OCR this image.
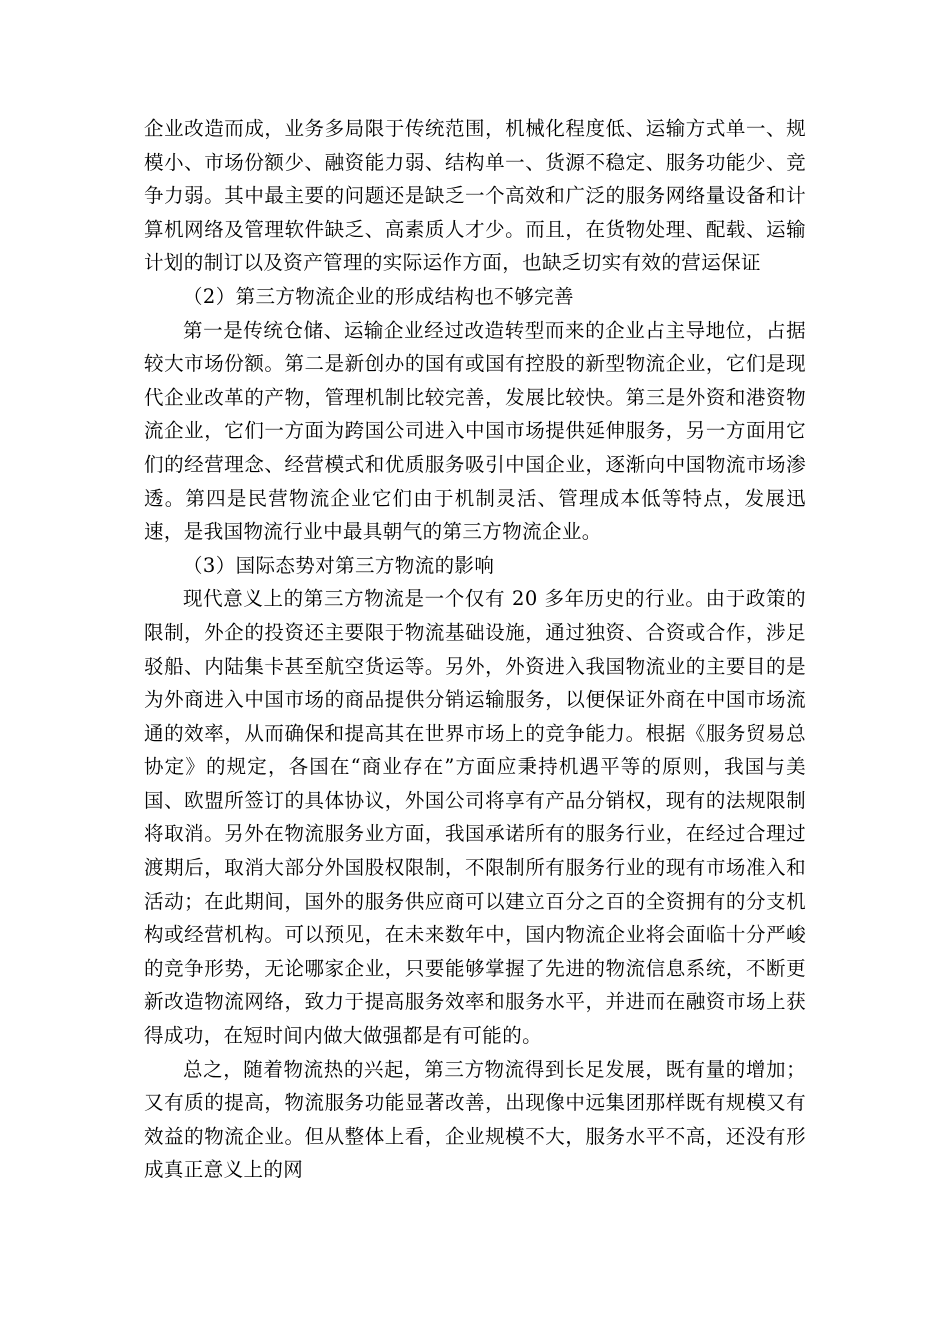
企业改造而成，业务多局限于传统范围，机械化程度低、运输方式单一、规模小、市场份额少、融资能力弱、结构单一、货源不稳定、服务功能少、竞争力弱。其中最主要的问题还是缺乏一个高效和广泛的服务网络量设备和计算机网络及管理软件缺乏、高素质人才少。而且，在货物处理、配载、运输计划的制订以及资产管理的实际运作方面，也缺乏切实有效的营运保证

（2）第三方物流企业的形成结构也不够完善

第一是传统仓储、运输企业经过改造转型而来的企业占主导地位，占据较大市场份额。第二是新创办的国有或国有控股的新型物流企业，它们是现代企业改革的产物，管理机制比较完善，发展比较快。第三是外资和港资物流企业，它们一方面为跨国公司进入中国市场提供延伸服务，另一方面用它们的经营理念、经营模式和优质服务吸引中国企业，逐渐向中国物流市场渗透。第四是民营物流企业它们由于机制灵活、管理成本低等特点，发展迅速，是我国物流行业中最具朝气的第三方物流企业。

（3）国际态势对第三方物流的影响

现代意义上的第三方物流是一个仅有 20 多年历史的行业。由于政策的限制，外企的投资还主要限于物流基础设施，通过独资、合资或合作，涉足驳船、内陆集卡甚至航空货运等。另外，外资进入我国物流业的主要目的是为外商进入中国市场的商品提供分销运输服务，以便保证外商在中国市场流通的效率，从而确保和提高其在世界市场上的竞争能力。根据《服务贸易总协定》的规定，各国在“商业存在”方面应秉持机遇平等的原则，我国与美国、欧盟所签订的具体协议，外国公司将享有产品分销权，现有的法规限制将取消。另外在物流服务业方面，我国承诺所有的服务行业，在经过合理过渡期后，取消大部分外国股权限制，不限制所有服务行业的现有市场准入和活动；在此期间，国外的服务供应商可以建立百分之百的全资拥有的分支机构或经营机构。可以预见，在未来数年中，国内物流企业将会面临十分严峻的竞争形势，无论哪家企业，只要能够掌握了先进的物流信息系统，不断更新改造物流网络，致力于提高服务效率和服务水平，并进而在融资市场上获得成功，在短时间内做大做强都是有可能的。

总之，随着物流热的兴起，第三方物流得到长足发展，既有量的增加；又有质的提高，物流服务功能显著改善，出现像中远集团那样既有规模又有效益的物流企业。但从整体上看，企业规模不大，服务水平不高，还没有形成真正意义上的网
